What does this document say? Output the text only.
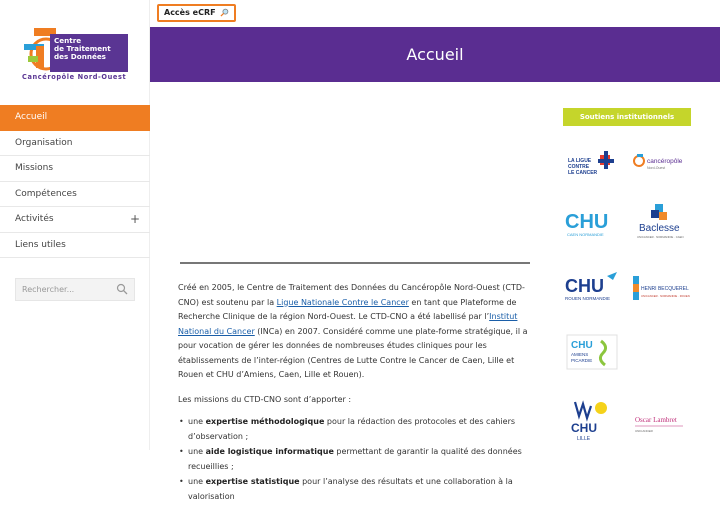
Centre
de Traitement
des Données
Cancéropôle Nord-Ouest
Accueil
Organisation
Missions
Compétences
Activités	+
Liens utiles
Rechercher...
Accès eCRF
Accueil

Créé en 2005, le Centre de Traitement des Données du Cancéropôle Nord-Ouest (CTD-CNO) est soutenu par la Ligue Nationale Contre le Cancer en tant que Plateforme de Recherche Clinique de la région Nord-Ouest. Le CTD-CNO a été labellisé par l’Institut National du Cancer (INCa) en 2007. Considéré comme une plate-forme stratégique, il a pour vocation de gérer les données de nombreuses études cliniques pour les établissements de l’inter-région (Centres de Lutte Contre le Cancer de Caen, Lille et Rouen et CHU d’Amiens, Caen, Lille et Rouen).

Les missions du CTD-CNO sont d’apporter :

• une expertise méthodologique pour la rédaction des protocoles et des cahiers d’observation ;
• une aide logistique informatique permettant de garantir la qualité des données recueillies ;
• une expertise statistique pour l’analyse des résultats et une collaboration à la valorisation
Soutiens institutionnels
LA LIGUE
CONTRE
LE CANCER
cancéropôle
Nord-Ouest
CHU
CAEN NORMANDIE
Baclesse
UNICANCER · NORMANDIE · CAEN
CHU
ROUEN NORMANDIE
HENRI BECQUEREL
UNICANCER · NORMANDIE · ROUEN
CHU
AMIENS
PICARDIE
CHU
LILLE
Oscar Lambret
UNICANCER
